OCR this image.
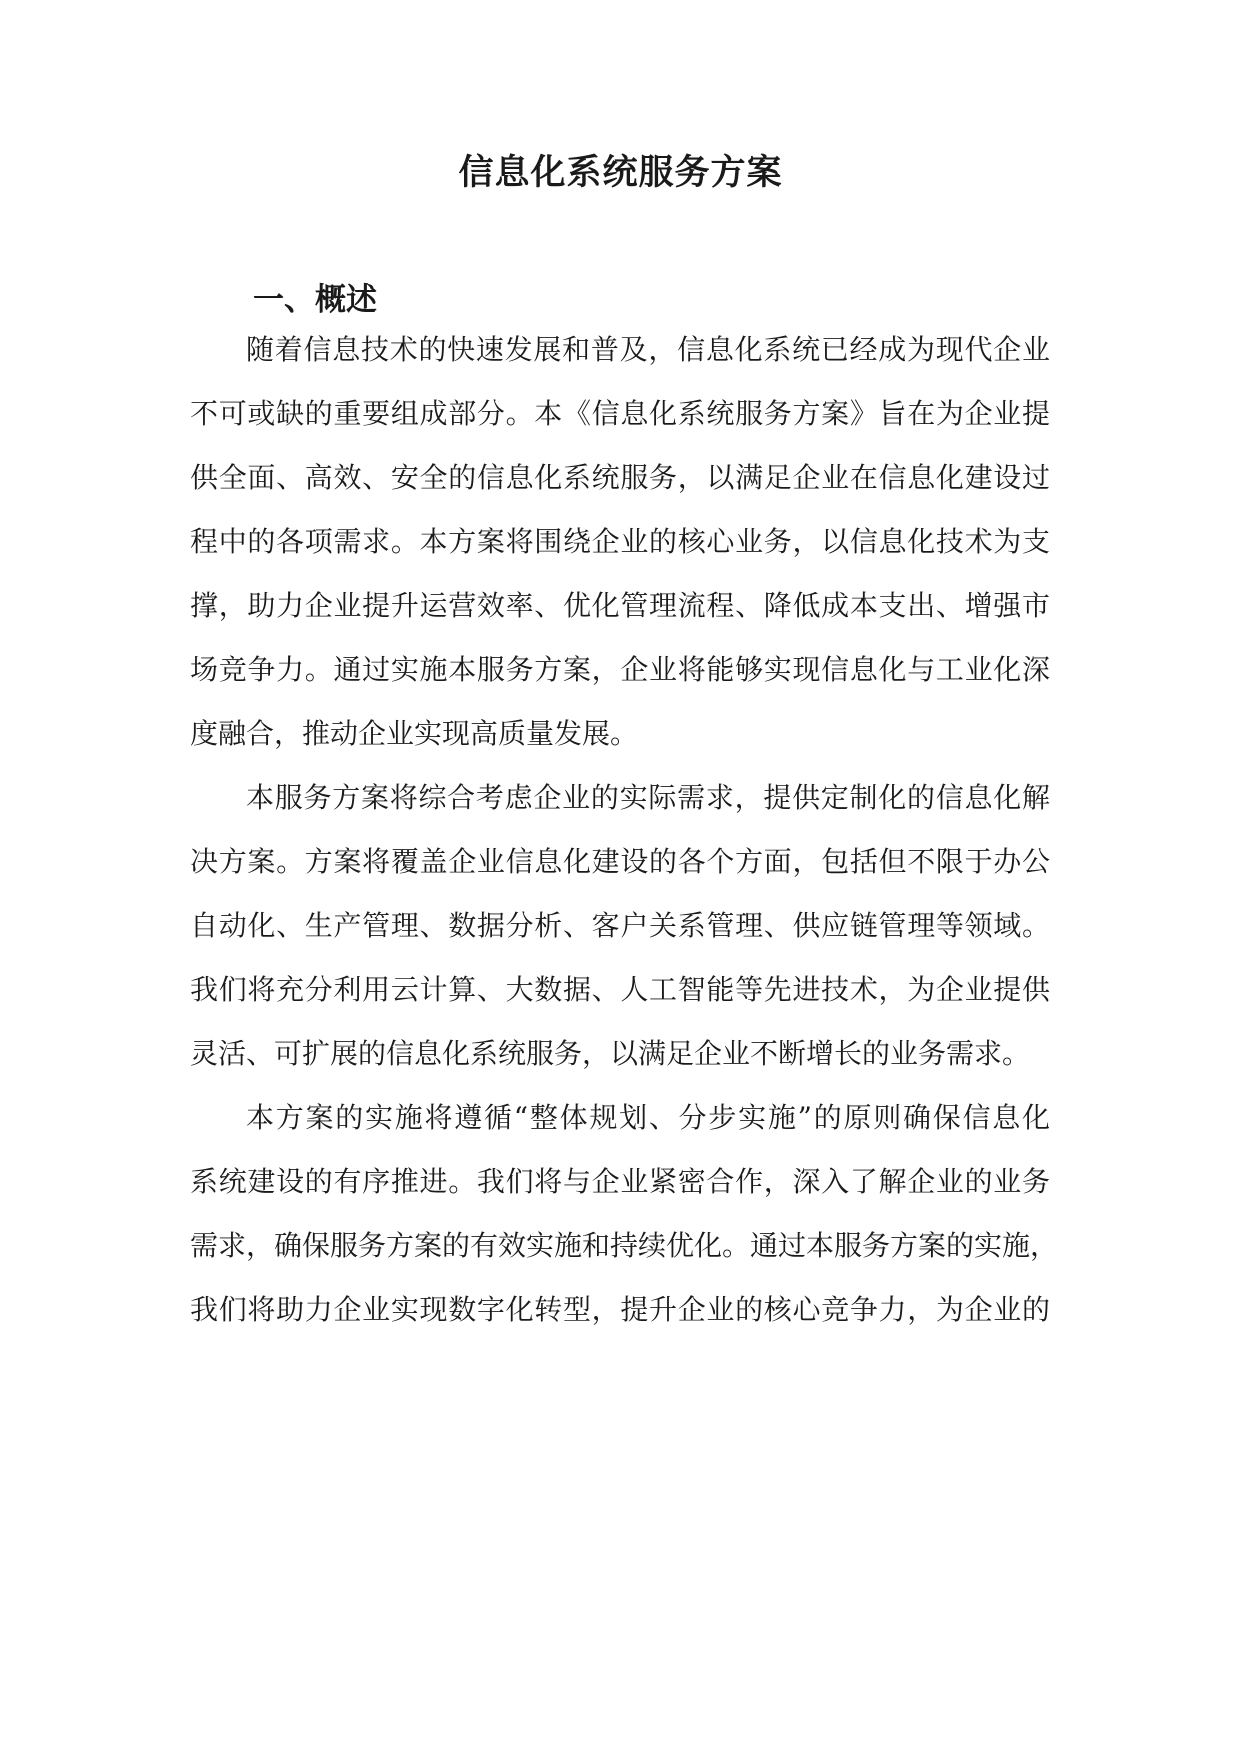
信息化系统服务方案
一、概述
随着信息技术的快速发展和普及，信息化系统已经成为现代企业
不可或缺的重要组成部分。本《信息化系统服务方案》旨在为企业提
供全面、高效、安全的信息化系统服务，以满足企业在信息化建设过
程中的各项需求。本方案将围绕企业的核心业务，以信息化技术为支
撑，助力企业提升运营效率、优化管理流程、降低成本支出、增强市
场竞争力。通过实施本服务方案，企业将能够实现信息化与工业化深
度融合，推动企业实现高质量发展。
本服务方案将综合考虑企业的实际需求，提供定制化的信息化解
决方案。方案将覆盖企业信息化建设的各个方面，包括但不限于办公
自动化、生产管理、数据分析、客户关系管理、供应链管理等领域。
我们将充分利用云计算、大数据、人工智能等先进技术，为企业提供
灵活、可扩展的信息化系统服务，以满足企业不断增长的业务需求。
本方案的实施将遵循“整体规划、分步实施”的原则确保信息化
系统建设的有序推进。我们将与企业紧密合作，深入了解企业的业务
需求，确保服务方案的有效实施和持续优化。通过本服务方案的实施，
我们将助力企业实现数字化转型，提升企业的核心竞争力，为企业的
